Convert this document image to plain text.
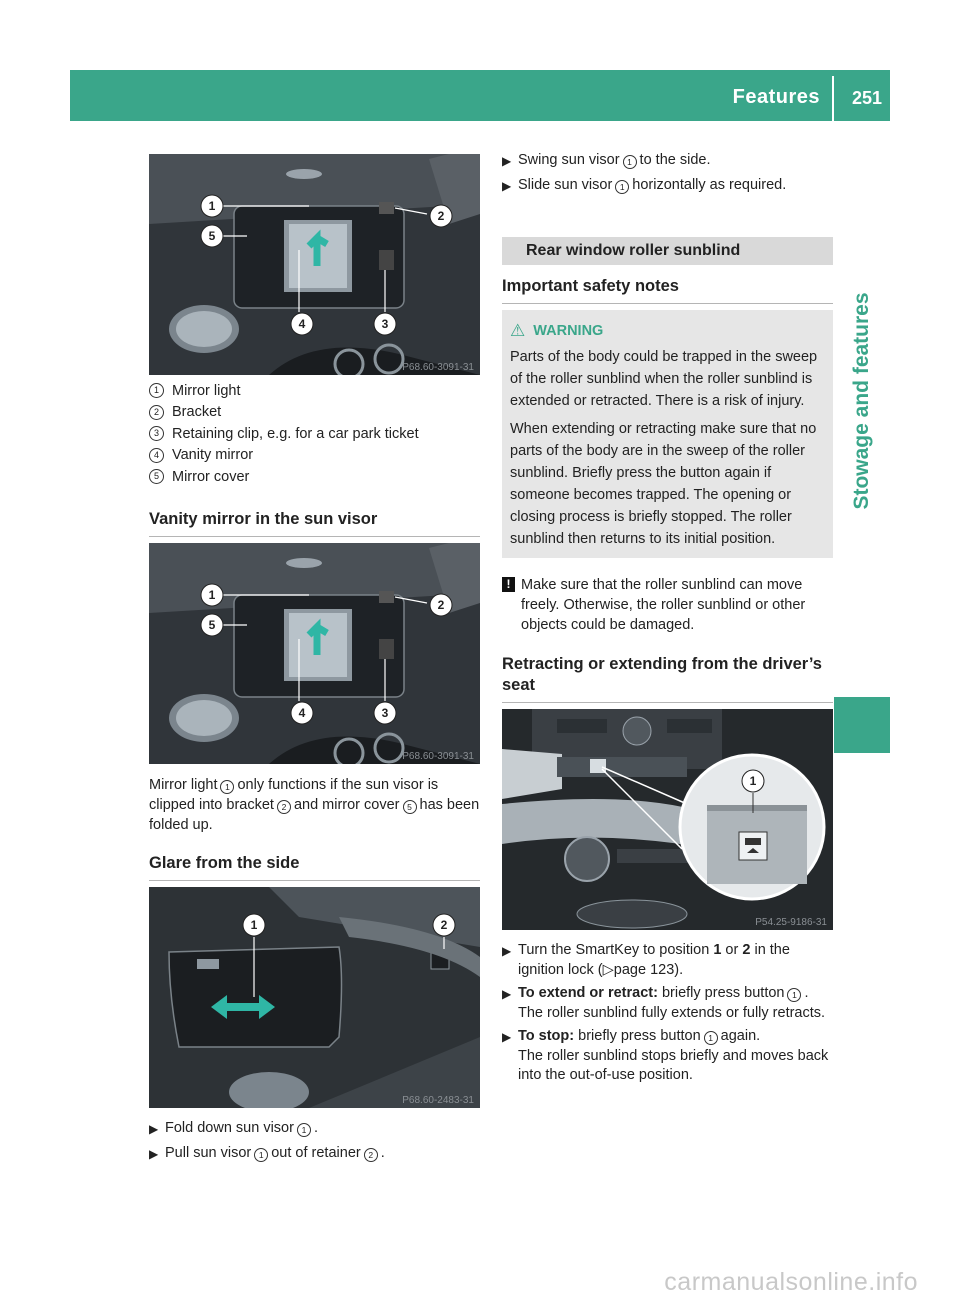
Features 251
Stowage and features
1
2
3
4
5
P68.60-3091-31
1 Mirror light
2 Bracket
3 Retaining clip, e.g. for a car park ticket
4 Vanity mirror
5 Mirror cover
Vanity mirror in the sun visor
1
2
3
4
5
P68.60-3091-31
Mirror light 1 only functions if the sun visor is clipped into bracket 2 and mirror cover 5 has been folded up.
Glare from the side
1	2
P68.60-2483-31
▶ Fold down sun visor 1 .
▶ Pull sun visor 1 out of retainer 2 .
▶ Swing sun visor 1 to the side.
▶ Slide sun visor 1 horizontally as required.
Rear window roller sunblind
Important safety notes
⚠ WARNING
Parts of the body could be trapped in the sweep of the roller sunblind when the roller sunblind is extended or retracted. There is a risk of injury.
When extending or retracting make sure that no parts of the body are in the sweep of the roller sunblind. Briefly press the button again if someone becomes trapped. The opening or closing process is briefly stopped. The roller sunblind then returns to its initial position.
! Make sure that the roller sunblind can move freely. Otherwise, the roller sunblind or other objects could be damaged.
Retracting or extending from the driver’s seat
1
P54.25-9186-31
▶ Turn the SmartKey to position 1 or 2 in the ignition lock (▷page 123).
▶ To extend or retract: briefly press button 1 .
The roller sunblind fully extends or fully retracts.
▶ To stop: briefly press button 1 again.
The roller sunblind stops briefly and moves back into the out-of-use position.
carmanualsonline.info
